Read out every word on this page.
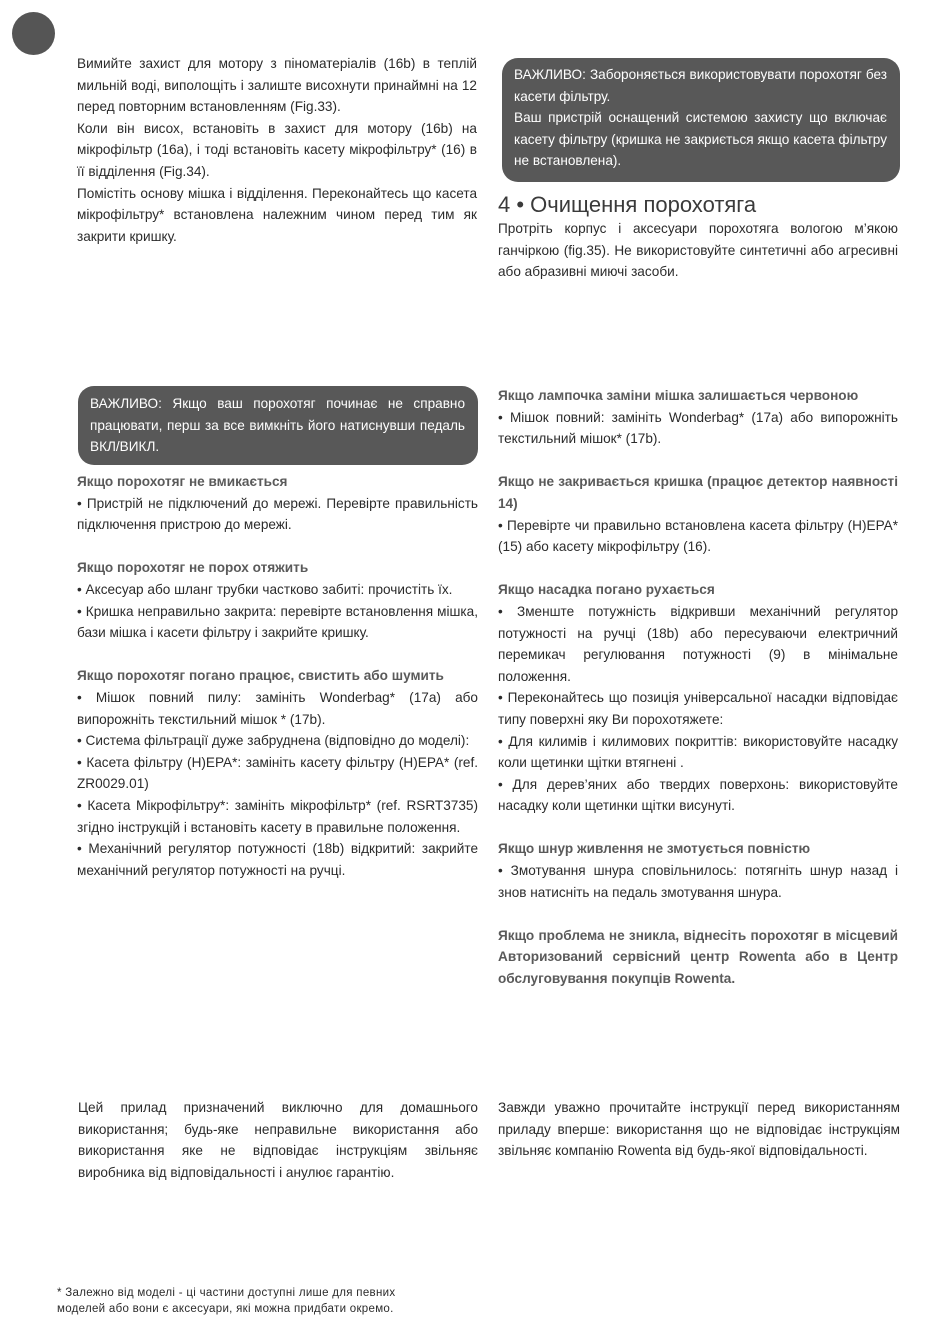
Вимийте захист для мотору з піноматеріалів (16b) в теплій мильній воді, виполощіть і залиште висохнути принаймні на 12 перед повторним встановленням (Fig.33).

Коли він висох, встановіть в захист для мотору (16b) на мікрофільтр (16a), і тоді встановіть касету мікрофільтру* (16) в її відділення (Fig.34).

Помістіть основу мішка і відділення. Переконайтесь що касета мікрофільтру* встановлена належним чином перед тим як закрити кришку.

ВАЖЛИВО: Забороняється використовувати порохотяг без касети фільтру.

Ваш пристрій оснащений системою захисту що включає касету фільтру (кришка не закриється якщо касета фільтру не встановлена).

4 • Очищення порохотяга

Протріть корпус і аксесуари порохотяга вологою м’якою ганчіркою (fig.35). Не використовуйте синтетичні або агресивні або абразивні миючі засоби.

ВАЖЛИВО: Якщо ваш порохотяг починає не справно працювати, перш за все вимкніть його натиснувши педаль ВКЛ/ВИКЛ.

Якщо порохотяг не вмикається

• Пристрій не підключений до мережі. Перевірте правильність підключення пристрою до мережі.

Якщо порохотяг не порох отяжить

• Аксесуар або шланг трубки частково забиті: прочистіть їх.

• Кришка неправильно закрита: перевірте встановлення мішка, бази мішка і касети фільтру і закрийте кришку.

Якщо порохотяг погано працює, свистить або шумить

• Мішок повний пилу: замініть Wonderbag* (17a) або випорожніть текстильний мішок * (17b).

• Система фільтрації дуже забруднена (відповідно до моделі):

• Касета фільтру (H)EPA*: замініть касету фільтру (H)EPA* (ref. ZR0029.01)

• Касета Мікрофільтру*: замініть мікрофільтр* (ref. RSRT3735) згідно інструкцій і встановіть касету в правильне положення.

• Механічний регулятор потужності (18b) відкритий: закрийте механічний регулятор потужності на ручці.

Якщо лампочка заміни мішка залишається червоною

• Мішок повний: замініть Wonderbag* (17a) або випорожніть текстильний мішок* (17b).

Якщо не закривається кришка (працює детектор наявності 14)

• Перевірте чи правильно встановлена касета фільтру (H)EPA* (15) або касету мікрофільтру (16).

Якщо насадка погано рухається

• Зменште потужність відкривши механічний регулятор потужності на ручці (18b) або пересуваючи електричний перемикач регулювання потужності (9) в мінімальне положення.

• Переконайтесь що позиція універсальної насадки відповідає типу поверхні яку Ви порохотяжете:

• Для килимів і килимових покриттів: використовуйте насадку коли щетинки щітки втягнені .

• Для дерев’яних або твердих поверхонь: використовуйте насадку коли щетинки щітки висунуті.

Якщо шнур живлення не змотується повністю

• Змотування шнура сповільнилось: потягніть шнур назад і знов натисніть на педаль змотування шнура.

Якщо проблема не зникла, віднесіть порохотяг в місцевий Авторизований сервісний центр Rowenta або в Центр обслуговування покупців Rowenta.

Цей прилад призначений виключно для домашнього використання; будь-яке неправильне використання або використання яке не відповідає інструкціям звільняє виробника від відповідальності і анулює гарантію.

Завжди уважно прочитайте інструкції перед використанням приладу вперше: використання що не відповідає інструкціям звільняє компанію Rowenta від будь-якої відповідальності.

* Залежно від моделі - ці частини доступні лише для певних моделей або вони є аксесуари, які можна придбати окремо.
